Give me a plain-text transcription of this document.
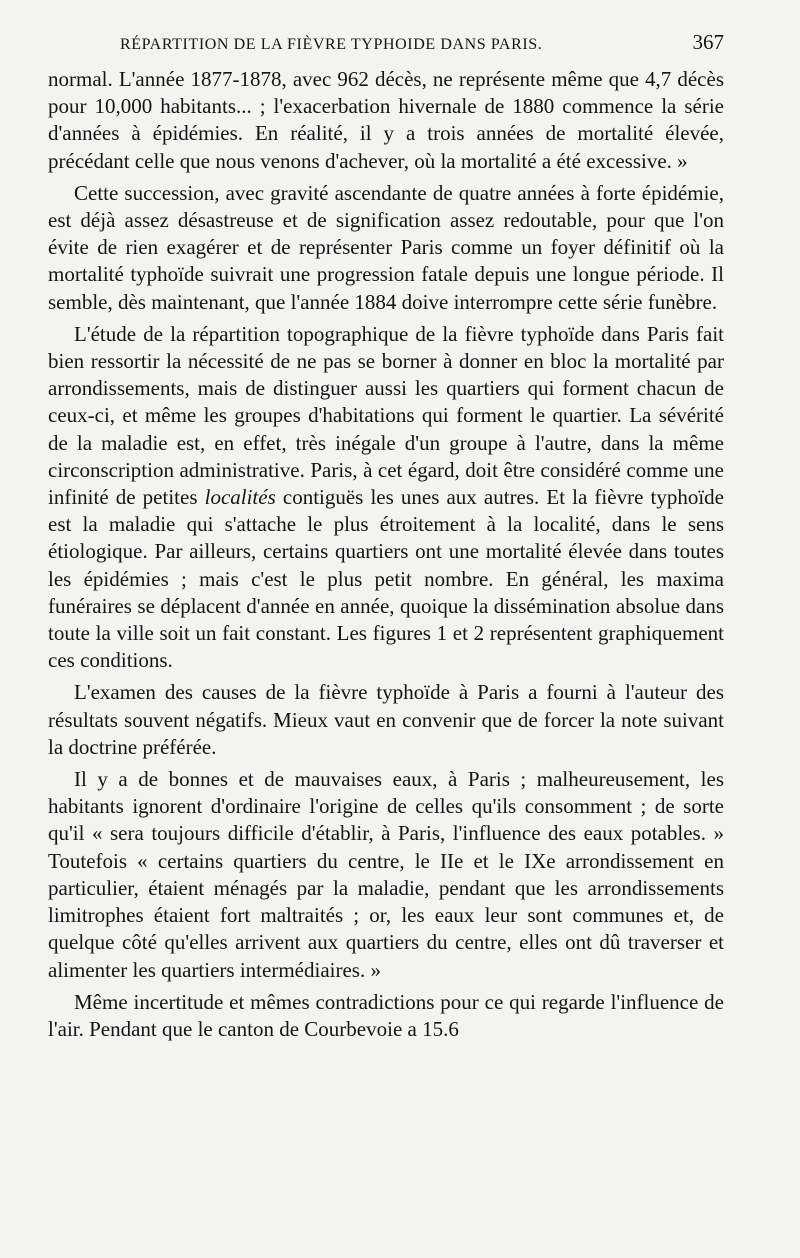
RÉPARTITION DE LA FIÈVRE TYPHOIDE DANS PARIS.	367

normal. L'année 1877-1878, avec 962 décès, ne représente même que 4,7 décès pour 10,000 habitants... ; l'exacerbation hivernale de 1880 commence la série d'années à épidémies. En réalité, il y a trois années de mortalité élevée, précédant celle que nous venons d'achever, où la mortalité a été excessive. »

Cette succession, avec gravité ascendante de quatre années à forte épidémie, est déjà assez désastreuse et de signification assez redoutable, pour que l'on évite de rien exagérer et de représenter Paris comme un foyer définitif où la mortalité typhoïde suivrait une progression fatale depuis une longue période. Il semble, dès maintenant, que l'année 1884 doive interrompre cette série funèbre.

L'étude de la répartition topographique de la fièvre typhoïde dans Paris fait bien ressortir la nécessité de ne pas se borner à donner en bloc la mortalité par arrondissements, mais de distinguer aussi les quartiers qui forment chacun de ceux-ci, et même les groupes d'habitations qui forment le quartier. La sévérité de la maladie est, en effet, très inégale d'un groupe à l'autre, dans la même circonscription administrative. Paris, à cet égard, doit être considéré comme une infinité de petites localités contiguës les unes aux autres. Et la fièvre typhoïde est la maladie qui s'attache le plus étroitement à la localité, dans le sens étiologique. Par ailleurs, certains quartiers ont une mortalité élevée dans toutes les épidémies ; mais c'est le plus petit nombre. En général, les maxima funéraires se déplacent d'année en année, quoique la dissémination absolue dans toute la ville soit un fait constant. Les figures 1 et 2 représentent graphiquement ces conditions.

L'examen des causes de la fièvre typhoïde à Paris a fourni à l'auteur des résultats souvent négatifs. Mieux vaut en convenir que de forcer la note suivant la doctrine préférée.

Il y a de bonnes et de mauvaises eaux, à Paris ; malheureusement, les habitants ignorent d'ordinaire l'origine de celles qu'ils consomment ; de sorte qu'il « sera toujours difficile d'établir, à Paris, l'influence des eaux potables. » Toutefois « certains quartiers du centre, le IIe et le IXe arrondissement en particulier, étaient ménagés par la maladie, pendant que les arrondissements limitrophes étaient fort maltraités ; or, les eaux leur sont communes et, de quelque côté qu'elles arrivent aux quartiers du centre, elles ont dû traverser et alimenter les quartiers intermédiaires. »

Même incertitude et mêmes contradictions pour ce qui regarde l'influence de l'air. Pendant que le canton de Courbevoie a 15.6
